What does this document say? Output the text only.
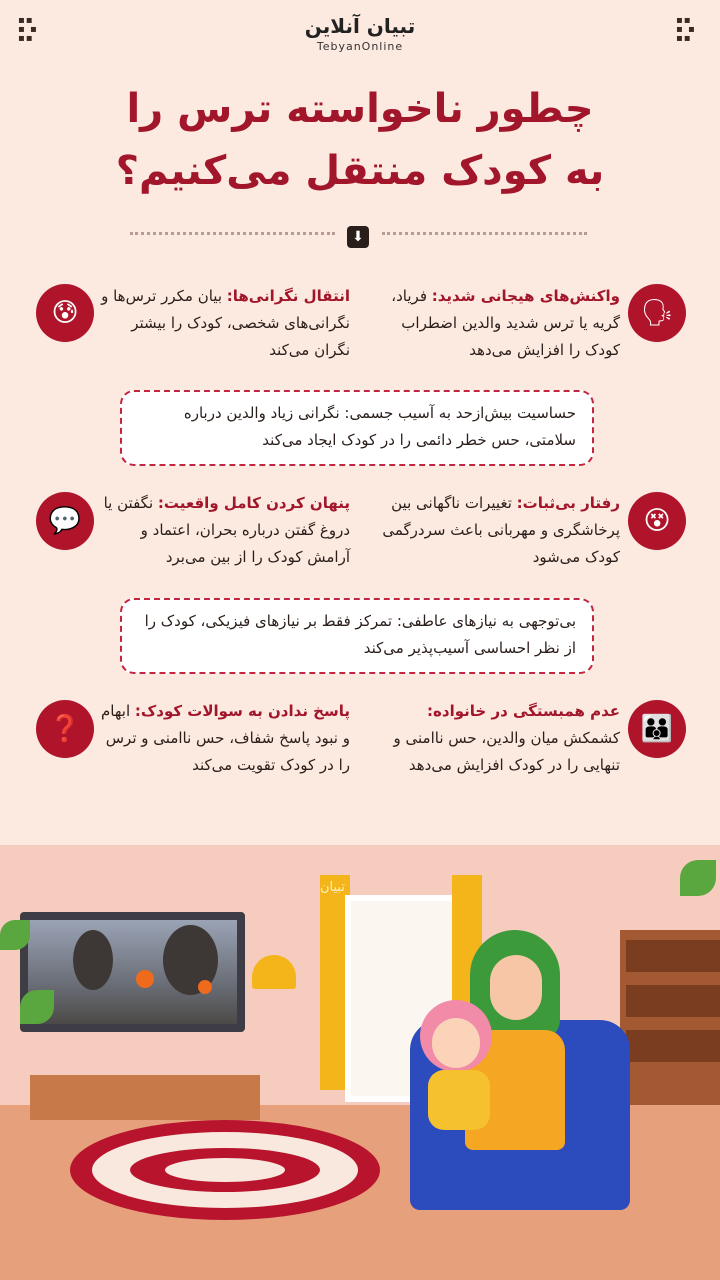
▪▪
▪ ▪
▪▪
▪▪
▪ ▪
▪▪

تبیان آنلاین
TebyanOnline
چطور ناخواسته ترس را
به کودک منتقل می‌کنیم؟
⬇
🗣
واکنش‌های هیجانی شدید: فریاد، گریه یا ترس شدید والدین اضطراب کودک را افزایش می‌دهد
😰
انتقال نگرانی‌ها: بیان مکرر ترس‌ها و نگرانی‌های شخصی، کودک را بیشتر نگران می‌کند
حساسیت بیش‌ازحد به آسیب جسمی: نگرانی زیاد والدین درباره سلامتی، حس خطر دائمی را در کودک ایجاد می‌کند
😵
رفتار بی‌ثبات: تغییرات ناگهانی بین پرخاشگری و مهربانی باعث سردرگمی کودک می‌شود
💬
پنهان کردن کامل واقعیت: نگفتن یا دروغ گفتن درباره بحران، اعتماد و آرامش کودک را از بین می‌برد
بی‌توجهی به نیازهای عاطفی: تمرکز فقط بر نیازهای فیزیکی، کودک را از نظر احساسی آسیب‌پذیر می‌کند
👪
عدم همبستگی در خانواده: کشمکش میان والدین، حس ناامنی و تنهایی را در کودک افزایش می‌دهد
❓
پاسخ ندادن به سوالات کودک: ابهام و نبود پاسخ شفاف، حس ناامنی و ترس را در کودک تقویت می‌کند
تبیان
